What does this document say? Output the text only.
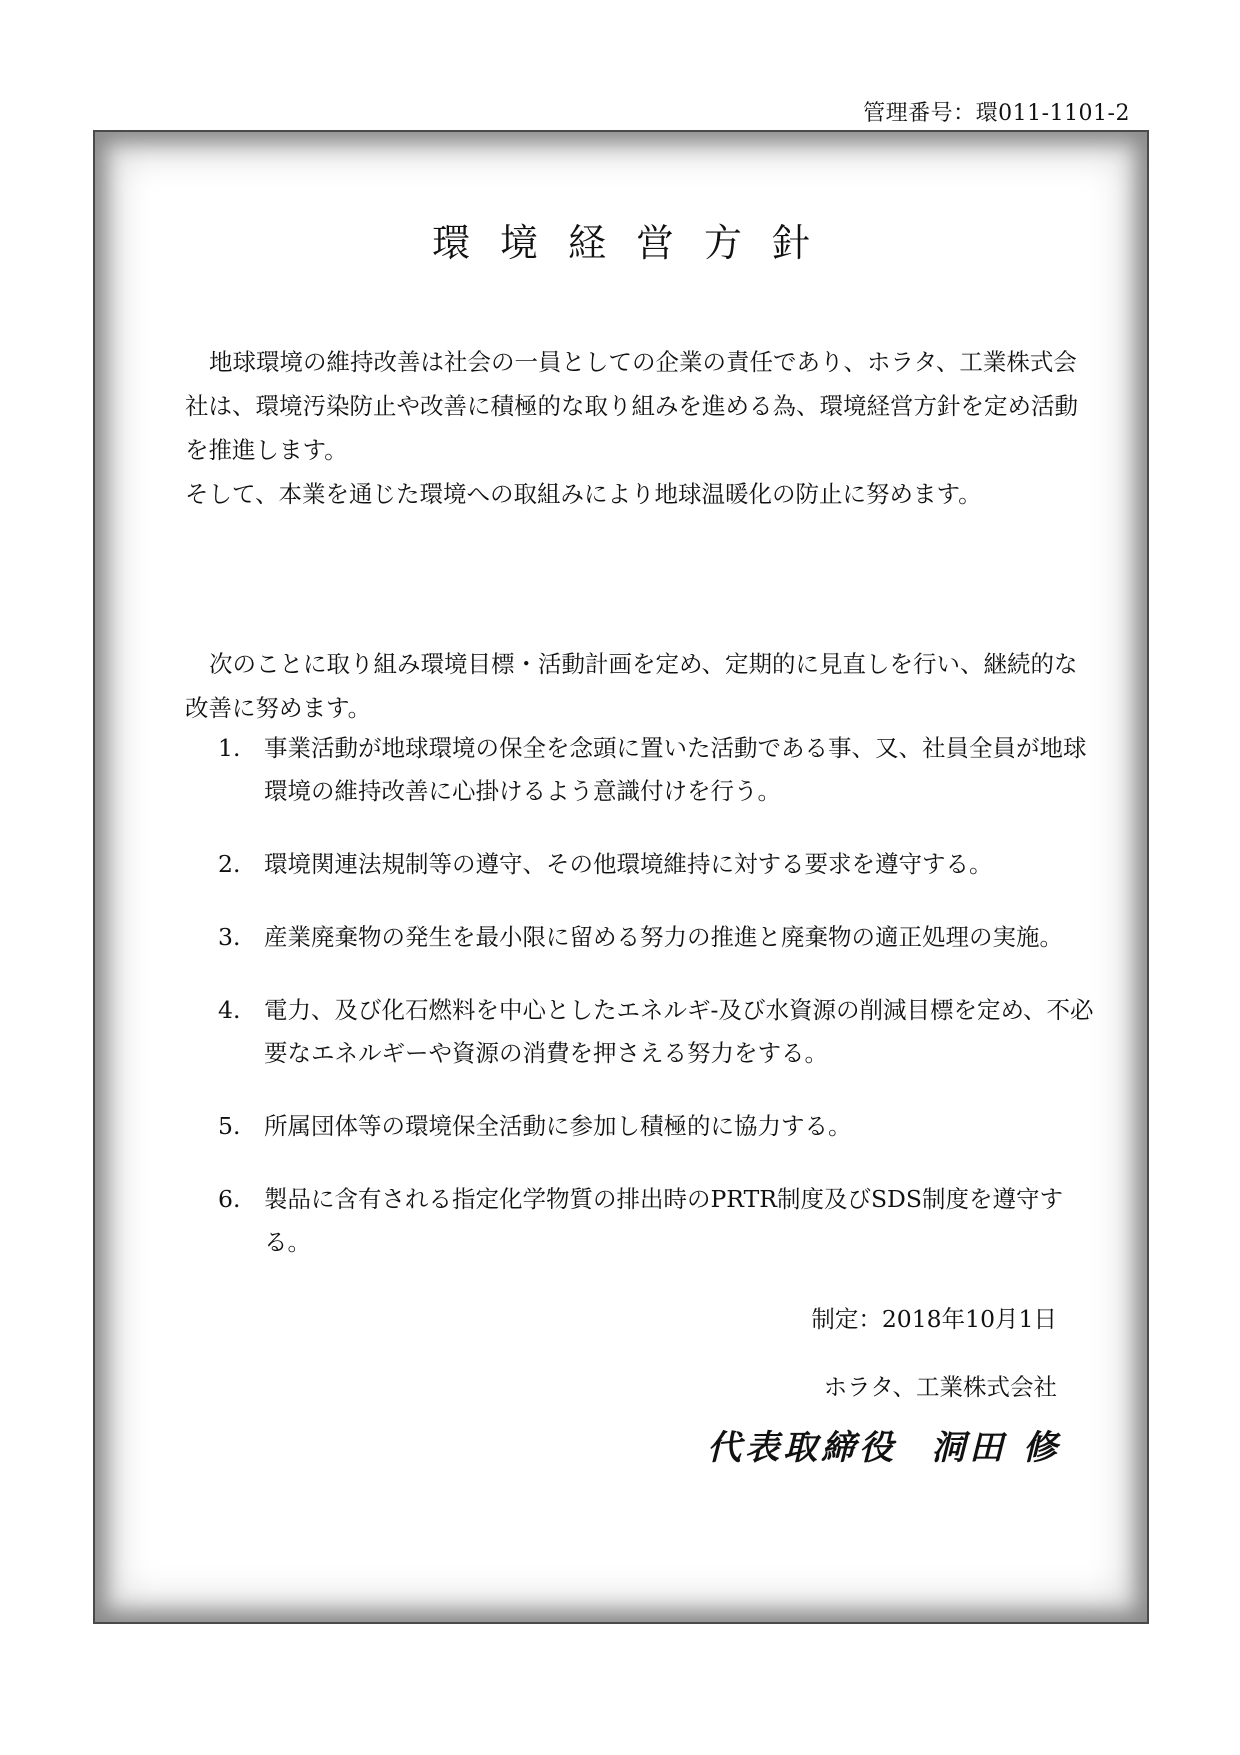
管理番号：環011-1101-2
環境経営方針

地球環境の維持改善は社会の一員としての企業の責任であり、ホラタ、工業株式会社は、環境汚染防止や改善に積極的な取り組みを進める為、環境経営方針を定め活動を推進します。

そして、本業を通じた環境への取組みにより地球温暖化の防止に努めます。

次のことに取り組み環境目標・活動計画を定め、定期的に見直しを行い、継続的な改善に努めます。

1. 事業活動が地球環境の保全を念頭に置いた活動である事、又、社員全員が地球環境の維持改善に心掛けるよう意識付けを行う。
2. 環境関連法規制等の遵守、その他環境維持に対する要求を遵守する。
3. 産業廃棄物の発生を最小限に留める努力の推進と廃棄物の適正処理の実施。
4. 電力、及び化石燃料を中心としたエネルギ-及び水資源の削減目標を定め、不必要なエネルギーや資源の消費を押さえる努力をする。
5. 所属団体等の環境保全活動に参加し積極的に協力する。
6. 製品に含有される指定化学物質の排出時のPRTR制度及びSDS制度を遵守する。
制定：2018年10月1日
ホラタ、工業株式会社
代表取締役 洞田 修
